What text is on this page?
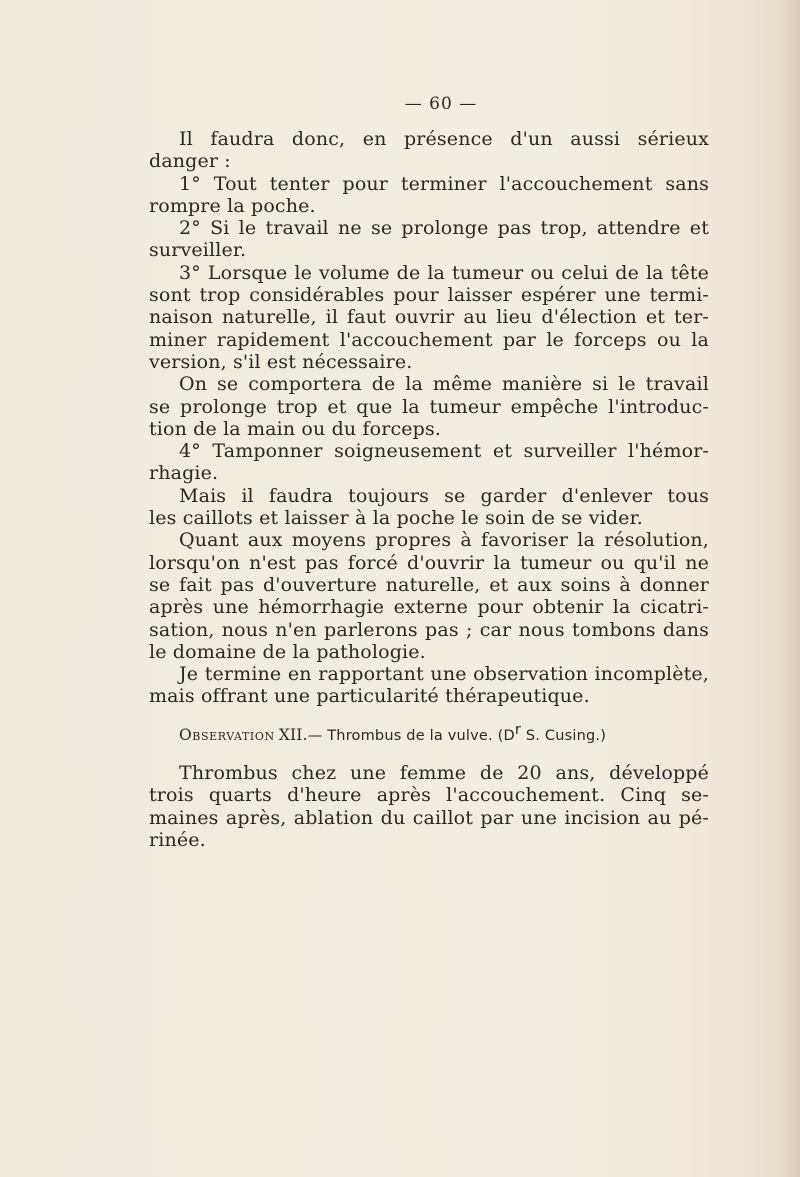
— 60 —
Il faudra donc, en présence d'un aussi sérieux
danger :
1° Tout tenter pour terminer l'accouchement sans
rompre la poche.
2° Si le travail ne se prolonge pas trop, attendre et
surveiller.
3° Lorsque le volume de la tumeur ou celui de la tête
sont trop considérables pour laisser espérer une termi-
naison naturelle, il faut ouvrir au lieu d'élection et ter-
miner rapidement l'accouchement par le forceps ou la
version, s'il est nécessaire.
On se comportera de la même manière si le travail
se prolonge trop et que la tumeur empêche l'introduc-
tion de la main ou du forceps.
4° Tamponner soigneusement et surveiller l'hémor-
rhagie.
Mais il faudra toujours se garder d'enlever tous
les caillots et laisser à la poche le soin de se vider.
Quant aux moyens propres à favoriser la résolution,
lorsqu'on n'est pas forcé d'ouvrir la tumeur ou qu'il ne
se fait pas d'ouverture naturelle, et aux soins à donner
après une hémorrhagie externe pour obtenir la cicatri-
sation, nous n'en parlerons pas ; car nous tombons dans
le domaine de la pathologie.
Je termine en rapportant une observation incomplète,
mais offrant une particularité thérapeutique.
Observation XII.— Thrombus de la vulve. ($D^r$ S. Cusing.)
Thrombus chez une femme de 20 ans, développé
trois quarts d'heure après l'accouchement. Cinq se-
maines après, ablation du caillot par une incision au pé-
rinée.
